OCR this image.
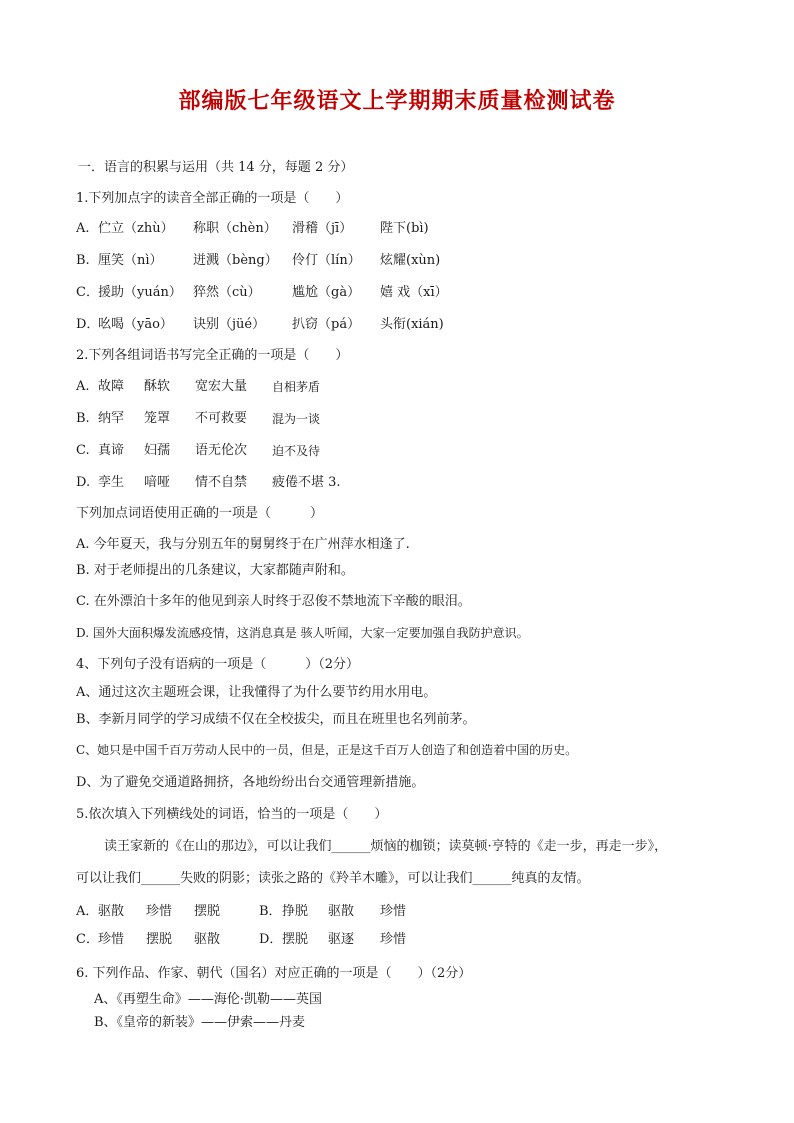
部编版七年级语文上学期期末质量检测试卷
一．语言的积累与运用（共 14 分，每题 2 分）
1.下列加点字的读音全部正确的一项是（　　）
A. 伫立（zhù） 称职（chèn） 滑稽（jī） 陛下(bì)
B. 厘笑（nì） 迸溅（bèng） 伶仃（lín） 炫耀(xùn)
C． 援助（yuán） 猝然（cù） 尴尬（gà） 嬉 戏（xī）
D．
吆喝（yāo） 诀别（jüé） 扒窃（pá） 头衔(xián)
2.下列各组词语书写完全正确的一项是（　　）
A. 故障 酥软 宽宏大量 自相茅盾
B. 纳罕 笼罩 不可救要 混为一谈
C. 真谛 妇孺 语无伦次 迫不及待
D. 孪生 喑哑 情不自禁 疲倦不堪 3.
下列加点词语使用正确的一项是（　　　）
A. 今年夏天，我与分别五年的舅舅终于在广州萍水相逢了.
B. 对于老师提出的几条建议，大家都随声附和。
C. 在外漂泊十多年的他见到亲人时终于忍俊不禁地流下辛酸的眼泪。
D. 国外大面积爆发流感疫情，这消息真是 骇人听闻，大家一定要加强自我防护意识。
4、下列句子没有语病的一项是（　　　）（2分）
A、通过这次主题班会课，让我懂得了为什么要节约用水用电。
B、李新月同学的学习成绩不仅在全校拔尖，而且在班里也名列前茅。
C、她只是中国千百万劳动人民中的一员，但是，正是这千百万人创造了和创造着中国的历史。
D、为了避免交通道路拥挤，各地纷纷出台交通管理新措施。
5.依次填入下列横线处的词语，恰当的一项是（　　）
读王家新的《在山的那边》，可以让我们______烦恼的枷锁；读莫顿·亨特的《走一步，再走一步》，
可以让我们______失败的阴影；读张之路的《羚羊木雕》，可以让我们______纯真的友情。
A． 驱散 珍惜 摆脱	B． 挣脱 驱散 珍惜
C． 珍惜 摆脱 驱散	D． 摆脱 驱逐 珍惜
6. 下列作品、作家、朝代（国名）对应正确的一项是（　　）（2分）
A、《再塑生命》——海伦·凯勒——英国
B、《皇帝的新装》——伊索——丹麦
